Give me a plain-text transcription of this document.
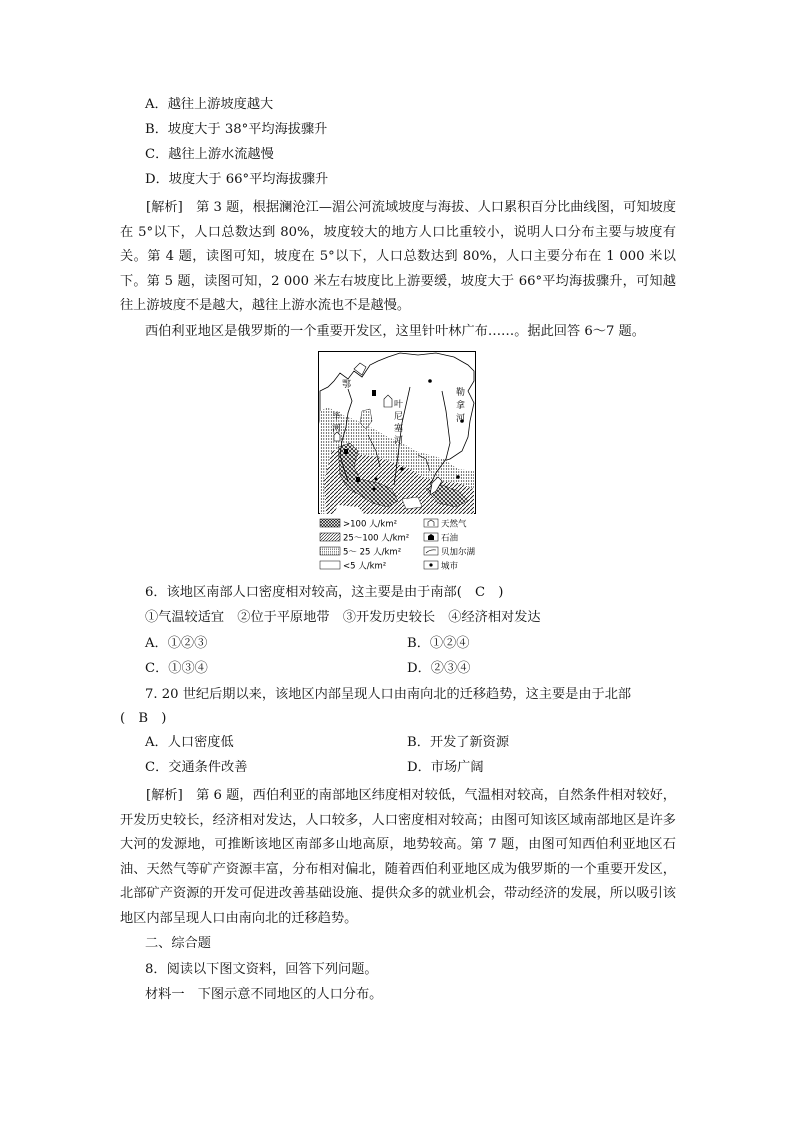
A．越往上游坡度越大
B．坡度大于 38°平均海拔骤升
C．越往上游水流越慢
D．坡度大于 66°平均海拔骤升
[解析]　第 3 题，根据澜沧江—湄公河流域坡度与海拔、人口累积百分比曲线图，可知坡度在 5°以下，人口总数达到 80%，坡度较大的地方人口比重较小，说明人口分布主要与坡度有关。第 4 题，读图可知，坡度在 5°以下，人口总数达到 80%，人口主要分布在 1 000 米以下。第 5 题，读图可知，2 000 米左右坡度比上游要缓，坡度大于 66°平均海拔骤升，可知越往上游坡度不是越大，越往上游水流也不是越慢。
西伯利亚地区是俄罗斯的一个重要开发区，这里针叶林广布……。据此回答 6～7 题。
鄂
毕
河
叶
尼
塞
河
勒
拿
河
>100 人/km²
25～100 人/km²
5～ 25 人/km²
<5 人/km²
天然气
石油
贝加尔湖
城市
6．该地区南部人口密度相对较高，这主要是由于南部(　C　)
①气温较适宜　②位于平原地带　③开发历史较长　④经济相对发达
A．①②③	B．①②④
C．①③④	D．②③④
7. 20 世纪后期以来，该地区内部呈现人口由南向北的迁移趋势，这主要是由于北部
(　B　)
A．人口密度低	B．开发了新资源
C．交通条件改善	D．市场广阔
[解析]　第 6 题，西伯利亚的南部地区纬度相对较低，气温相对较高，自然条件相对较好，开发历史较长，经济相对发达，人口较多，人口密度相对较高；由图可知该区域南部地区是许多大河的发源地，可推断该地区南部多山地高原，地势较高。第 7 题，由图可知西伯利亚地区石油、天然气等矿产资源丰富，分布相对偏北，随着西伯利亚地区成为俄罗斯的一个重要开发区，北部矿产资源的开发可促进改善基础设施、提供众多的就业机会，带动经济的发展，所以吸引该地区内部呈现人口由南向北的迁移趋势。
二、综合题
8．阅读以下图文资料，回答下列问题。
材料一　下图示意不同地区的人口分布。
